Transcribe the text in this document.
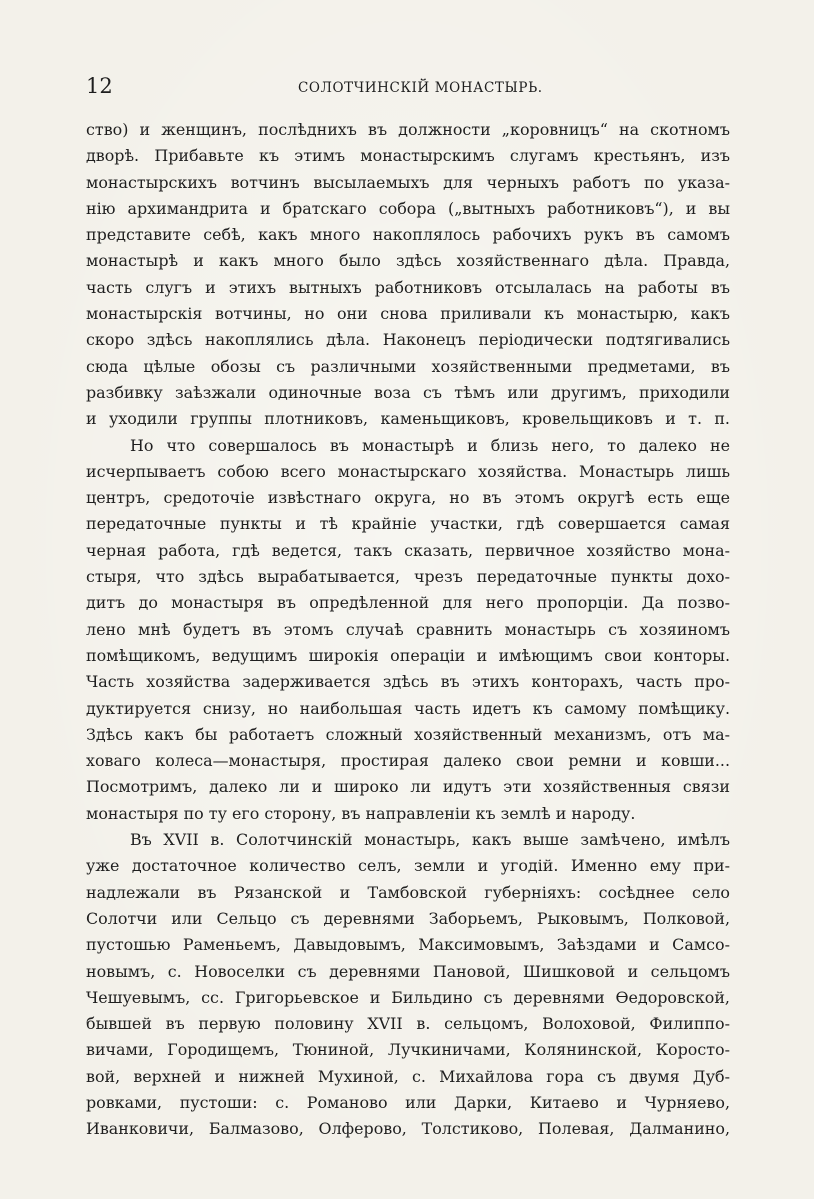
12	СОЛОТЧИНСКІЙ МОНАСТЫРЬ.
ство) и женщинъ, послѣднихъ въ должности „коровницъ“ на скотномъ
дворѣ. Прибавьте къ этимъ монастырскимъ слугамъ крестьянъ, изъ
монастырскихъ вотчинъ высылаемыхъ для черныхъ работъ по указа-
нію архимандрита и братскаго собора („вытныхъ работниковъ“), и вы
представите себѣ, какъ много накоплялось рабочихъ рукъ въ самомъ
монастырѣ и какъ много было здѣсь хозяйственнаго дѣла. Правда,
часть слугъ и этихъ вытныхъ работниковъ отсылалась на работы въ
монастырскія вотчины, но они снова приливали къ монастырю, какъ
скоро здѣсь накоплялись дѣла. Наконецъ періодически подтягивались
сюда цѣлые обозы съ различными хозяйственными предметами, въ
разбивку заѣзжали одиночные воза съ тѣмъ или другимъ, приходили
и уходили группы плотниковъ, каменьщиковъ, кровельщиковъ и т. п.
Но что совершалось въ монастырѣ и близь него, то далеко не
исчерпываетъ собою всего монастырскаго хозяйства. Монастырь лишь
центръ, средоточіе извѣстнаго округа, но въ этомъ округѣ есть еще
передаточные пункты и тѣ крайніе участки, гдѣ совершается самая
черная работа, гдѣ ведется, такъ сказать, первичное хозяйство мона-
стыря, что здѣсь вырабатывается, чрезъ передаточные пункты дохо-
дитъ до монастыря въ опредѣленной для него пропорціи. Да позво-
лено мнѣ будетъ въ этомъ случаѣ сравнить монастырь съ хозяиномъ
помѣщикомъ, ведущимъ широкія операціи и имѣющимъ свои конторы.
Часть хозяйства задерживается здѣсь въ этихъ конторахъ, часть про-
дуктируется снизу, но наибольшая часть идетъ къ самому помѣщику.
Здѣсь какъ бы работаетъ сложный хозяйственный механизмъ, отъ ма-
ховаго колеса—монастыря, простирая далеко свои ремни и ковши...
Посмотримъ, далеко ли и широко ли идутъ эти хозяйственныя связи
монастыря по ту его сторону, въ направленіи къ землѣ и народу.
Въ XVII в. Солотчинскій монастырь, какъ выше замѣчено, имѣлъ
уже достаточное количество селъ, земли и угодій. Именно ему при-
надлежали въ Рязанской и Тамбовской губерніяхъ: сосѣднее село
Солотчи или Сельцо съ деревнями Заборьемъ, Рыковымъ, Полковой,
пустошью Раменьемъ, Давыдовымъ, Максимовымъ, Заѣздами и Самсо-
новымъ, с. Новоселки съ деревнями Пановой, Шишковой и сельцомъ
Чешуевымъ, сс. Григорьевское и Бильдино съ деревнями Ѳедоровской,
бывшей въ первую половину XVII в. сельцомъ, Волоховой, Филиппо-
вичами, Городищемъ, Тюниной, Лучкиничами, Колянинской, Коросто-
вой, верхней и нижней Мухиной, с. Михайлова гора съ двумя Дуб-
ровками, пустоши: с. Романово или Дарки, Китаево и Чурняево,
Иванковичи, Балмазово, Олферово, Толстиково, Полевая, Далманино,
